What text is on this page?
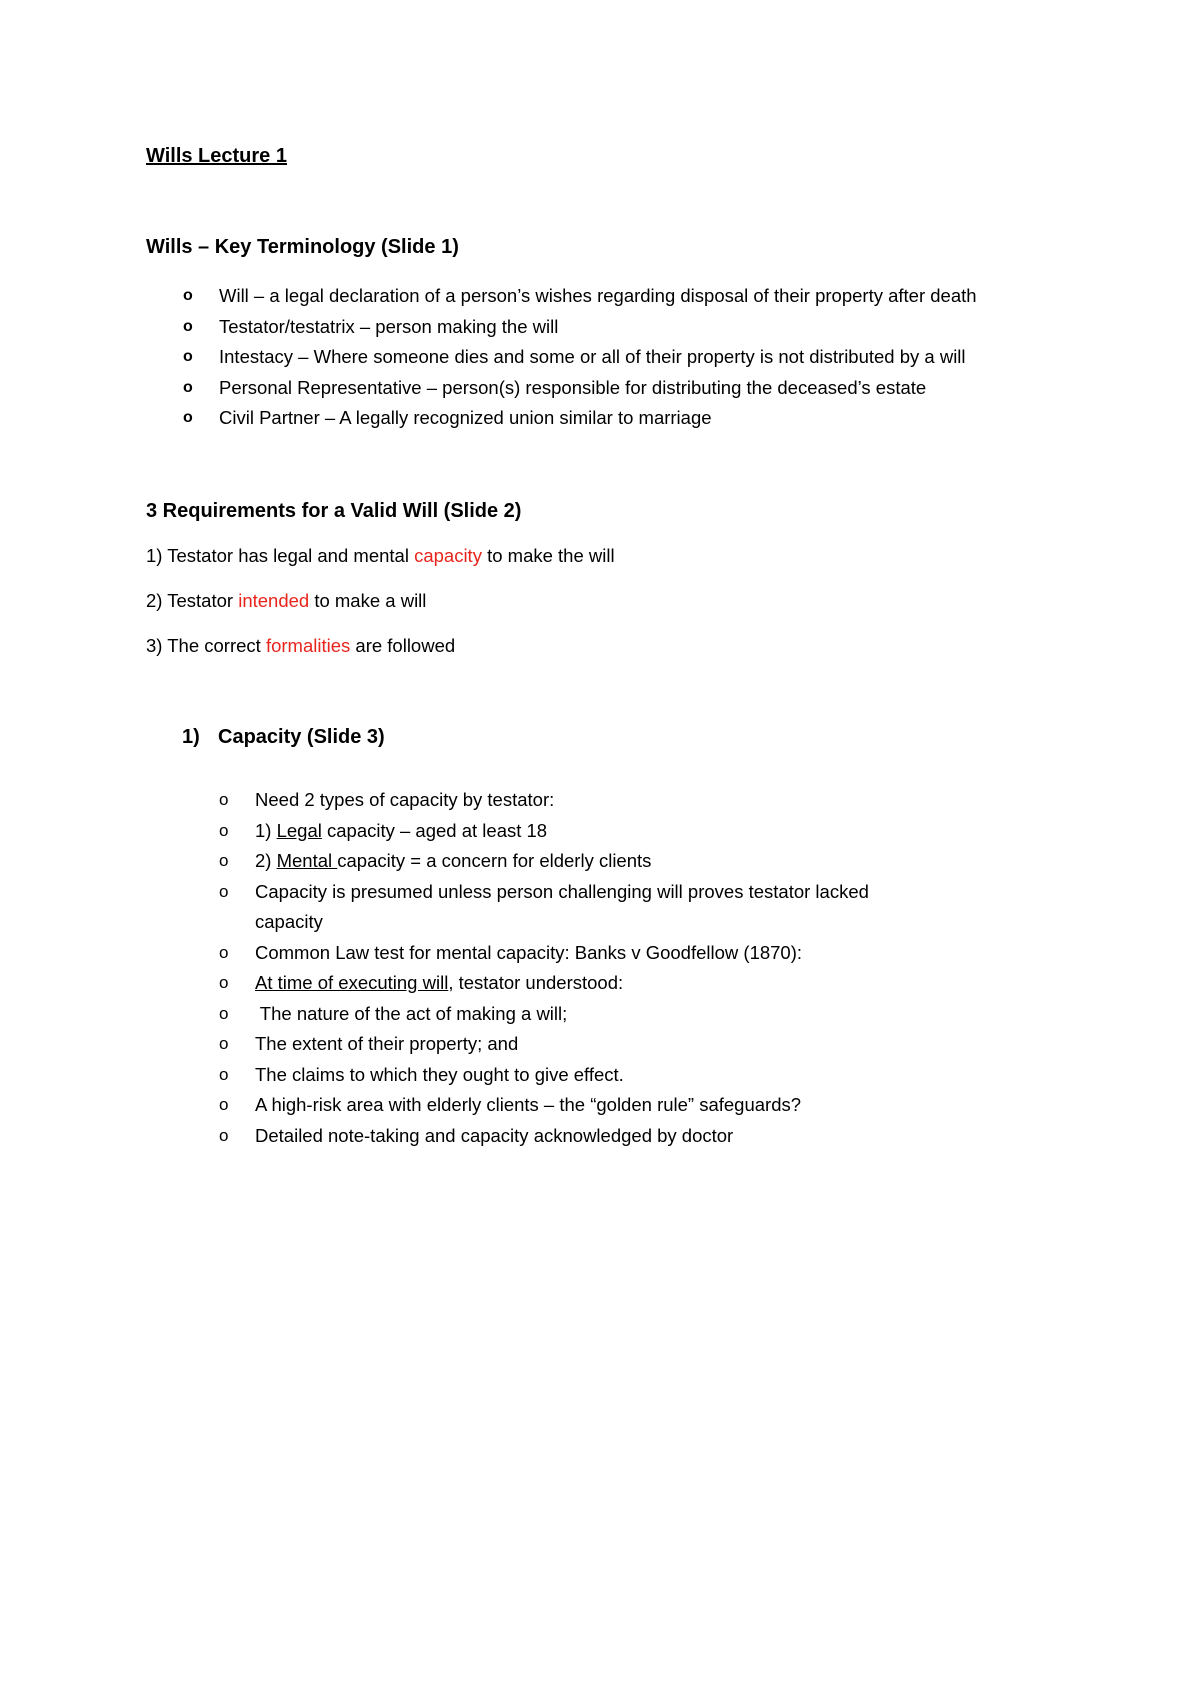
Wills Lecture 1
Wills – Key Terminology (Slide 1)
o Will – a legal declaration of a person’s wishes regarding disposal of their property after death
o Testator/testatrix – person making the will
o Intestacy – Where someone dies and some or all of their property is not distributed by a will
o Personal Representative – person(s) responsible for distributing the deceased’s estate
o Civil Partner – A legally recognized union similar to marriage
3 Requirements for a Valid Will (Slide 2)

1) Testator has legal and mental capacity to make the will

2) Testator intended to make a will

3) The correct formalities are followed

1) Capacity (Slide 3)
o Need 2 types of capacity by testator:
o 1) Legal capacity – aged at least 18
o 2) Mental capacity = a concern for elderly clients
o Capacity is presumed unless person challenging will proves testator lacked capacity
o Common Law test for mental capacity: Banks v Goodfellow (1870):
o At time of executing will, testator understood:
o The nature of the act of making a will;
o The extent of their property; and
o The claims to which they ought to give effect.
o A high-risk area with elderly clients – the “golden rule” safeguards?
o Detailed note-taking and capacity acknowledged by doctor
